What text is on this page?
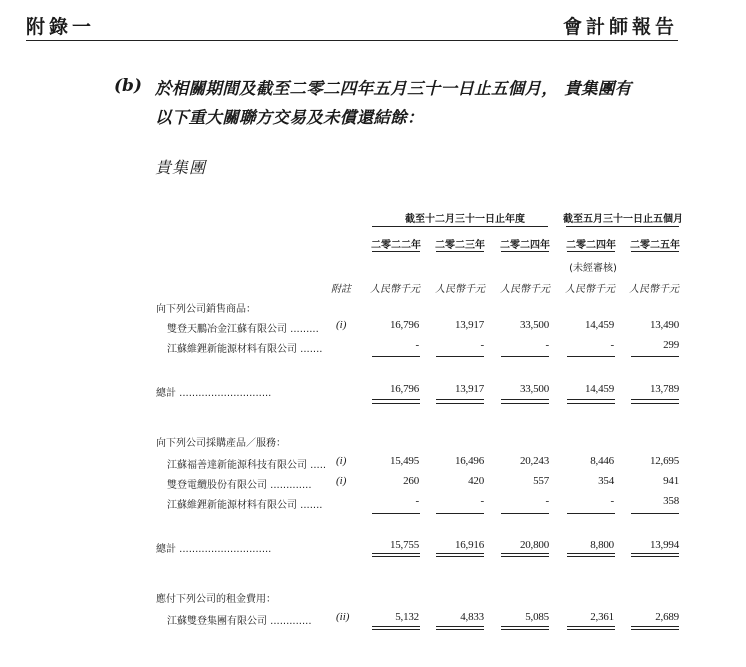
附錄一	會計師報告
(b) 於相關期間及截至二零二四年五月三十一日止五個月， 貴集團有
以下重大關聯方交易及未償還結餘：
貴集團
截至十二月三十一日止年度	截至五月三十一日止五個月
二零二二年	二零二三年	二零二四年	二零二四年	二零二五年
(未經審核)
附註	人民幣千元	人民幣千元	人民幣千元	人民幣千元	人民幣千元
向下列公司銷售商品：
雙登天鵬冶金江蘇有限公司 ......... (i)	16,796	13,917	33,500	14,459	13,490
江蘇維鋰新能源材料有限公司 .......	-	-	-	-	299
總計 .............................	16,796	13,917	33,500	14,459	13,789
向下列公司採購產品／服務：
江蘇福善達新能源科技有限公司 ..... (i)	15,495	16,496	20,243	8,446	12,695
雙登電纜股份有限公司 ............. (i)	260	420	557	354	941
江蘇維鋰新能源材料有限公司 .......	-	-	-	-	358
總計 .............................	15,755	16,916	20,800	8,800	13,994
應付下列公司的租金費用：
江蘇雙登集團有限公司 ............. (ii)	5,132	4,833	5,085	2,361	2,689
